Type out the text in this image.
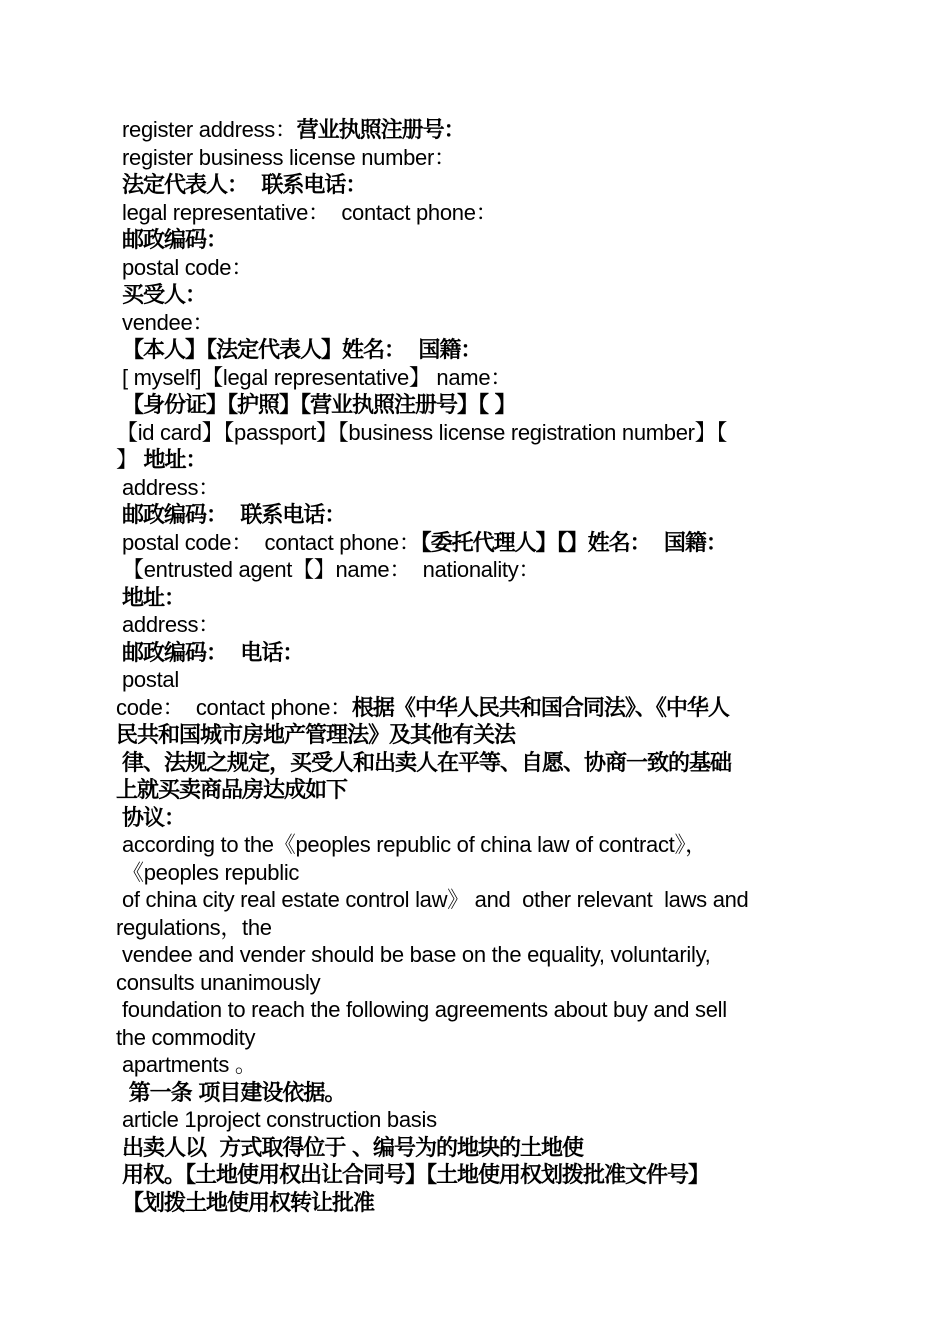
register address：营业执照注册号：
register business license number：
法定代表人：  联系电话：
legal representative：  contact phone：
邮政编码：
postal code：
买受人：
vendee：
【本人】【法定代表人】姓名：  国籍：
[ myself]【legal representative】 name：
【身份证】【护照】【营业执照注册号】【 】
【id card】【passport】【business license registration number】【
】 地址：
address：
邮政编码：  联系电话：
postal code：  contact phone：【委托代理人】【】姓名：  国籍：
【entrusted agent【】name：  nationality：
地址：
address：
邮政编码：  电话：
postal
code：  contact phone：根据《中华人民共和国合同法》、《中华人
民共和国城市房地产管理法》及其他有关法
律、法规之规定，买受人和出卖人在平等、自愿、协商一致的基础
上就买卖商品房达成如下
协议：
according to the《peoples republic of china law of contract》，
《peoples republic
of china city real estate control law》 and  other relevant  laws and
regulations，the
vendee and vender should be base on the equality, voluntarily,
consults unanimously
foundation to reach the following agreements about buy and sell
the commodity
apartments 。
第一条 项目建设依据。
article 1project construction basis
出卖人以  方式取得位于 、编号为的地块的土地使
用权。【土地使用权出让合同号】【土地使用权划拨批准文件号】
【划拨土地使用权转让批准
